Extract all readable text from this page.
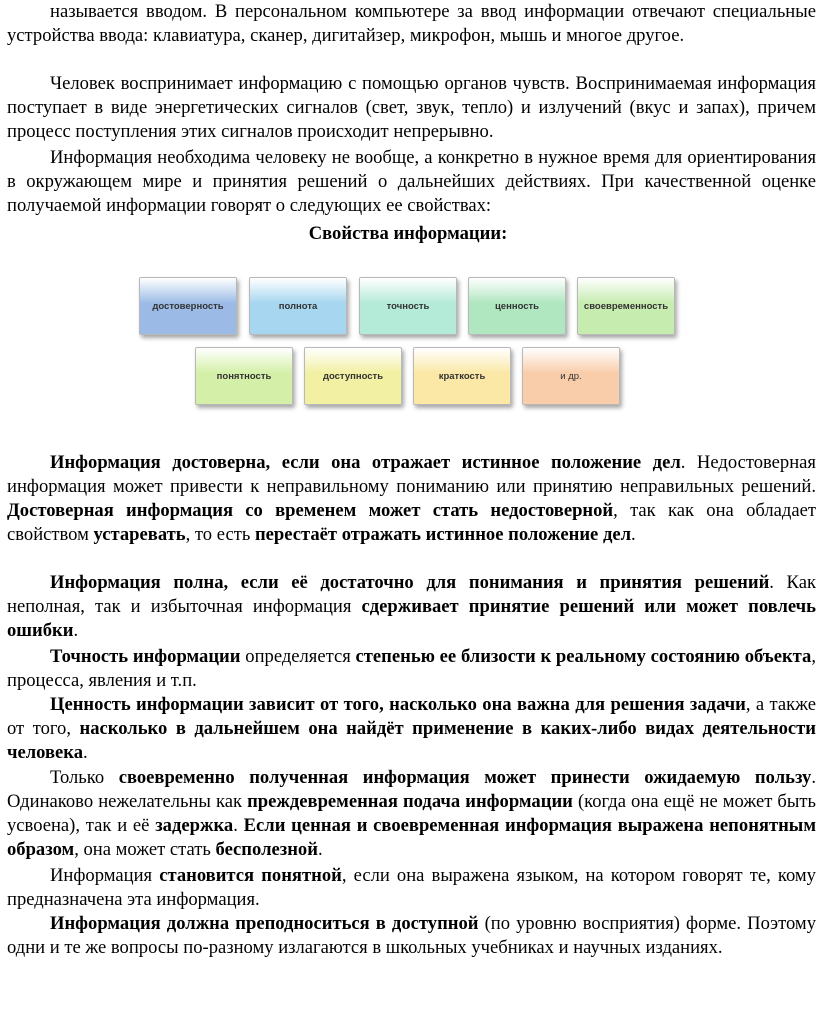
называется вводом. В персональном компьютере за ввод информации отвечают специальные устройства ввода: клавиатура, сканер, дигитайзер, микрофон, мышь и многое другое.
Человек воспринимает информацию с помощью органов чувств. Воспринимаемая информация поступает в виде энергетических сигналов (свет, звук, тепло) и излучений (вкус и запах), причем процесс поступления этих сигналов происходит непрерывно.
Информация необходима человеку не вообще, а конкретно в нужное время для ориентирования в окружающем мире и принятия решений о дальнейших действиях. При качественной оценке получаемой информации говорят о следующих ее свойствах:
Свойства информации:
достоверность	полнота	точность	ценность	своевременность
понятность	доступность	краткость	и др.
Информация достоверна, если она отражает истинное положение дел. Недостоверная информация может привести к неправильному пониманию или принятию неправильных решений. Достоверная информация со временем может стать недостоверной, так как она обладает свойством устаревать, то есть перестаёт отражать истинное положение дел.
Информация полна, если её достаточно для понимания и принятия решений. Как неполная, так и избыточная информация сдерживает принятие решений или может повлечь ошибки.
Точность информации определяется степенью ее близости к реальному состоянию объекта, процесса, явления и т.п.
Ценность информации зависит от того, насколько она важна для решения задачи, а также от того, насколько в дальнейшем она найдёт применение в каких-либо видах деятельности человека.
Только своевременно полученная информация может принести ожидаемую пользу. Одинаково нежелательны как преждевременная подача информации (когда она ещё не может быть усвоена), так и её задержка. Если ценная и своевременная информация выражена непонятным образом, она может стать бесполезной.
Информация становится понятной, если она выражена языком, на котором говорят те, кому предназначена эта информация.
Информация должна преподноситься в доступной (по уровню восприятия) форме. Поэтому одни и те же вопросы по-разному излагаются в школьных учебниках и научных изданиях.
